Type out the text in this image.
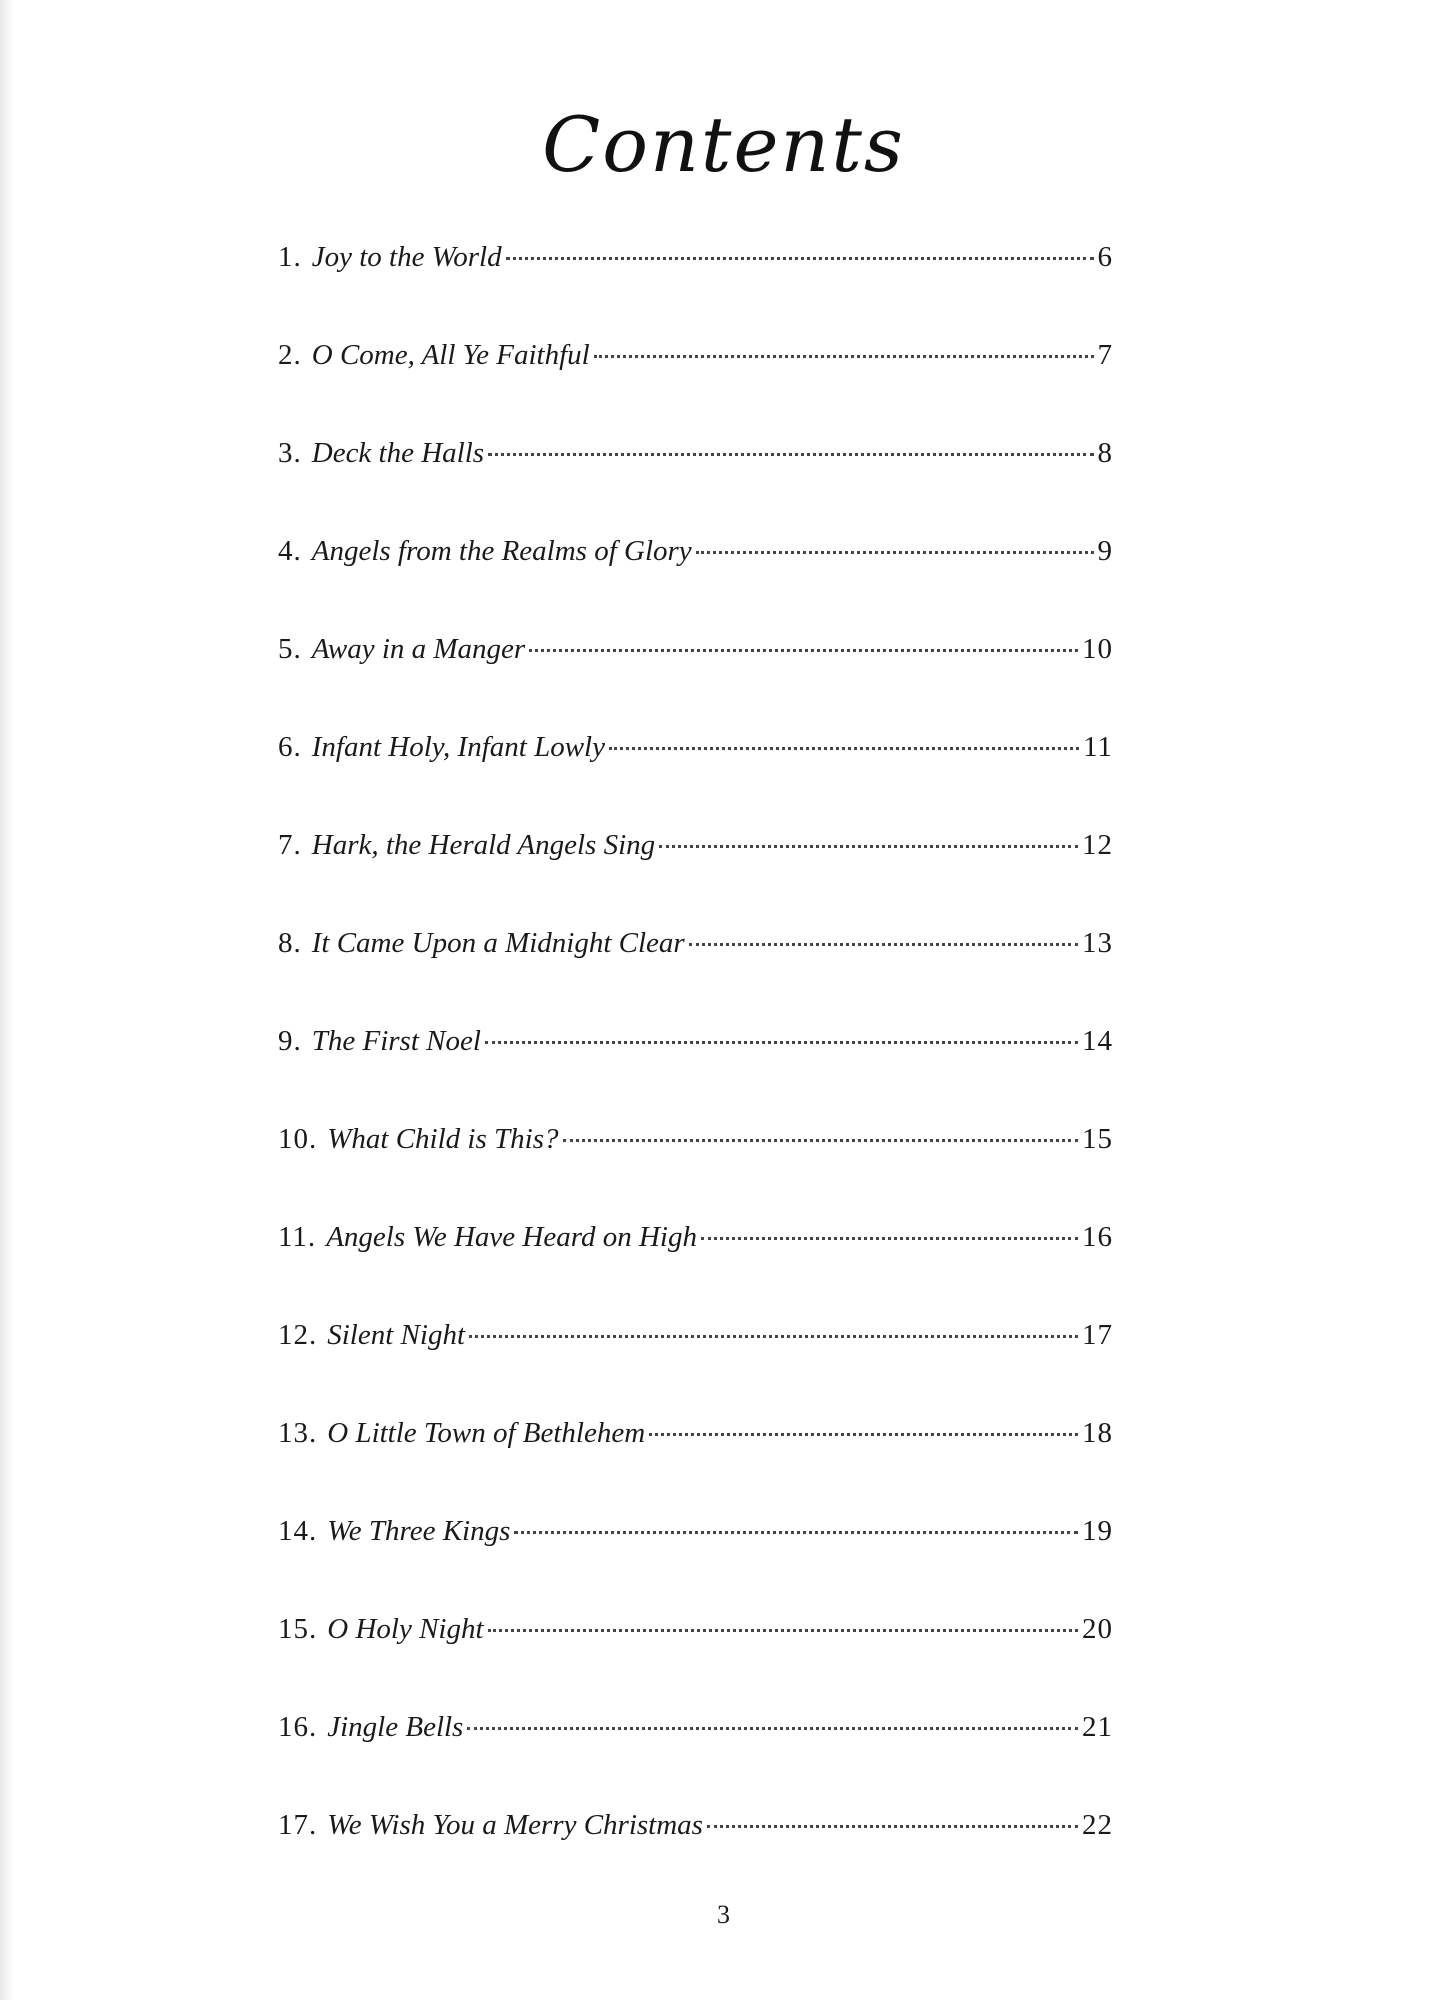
Contents
1. Joy to the World	6
2. O Come, All Ye Faithful	7
3. Deck the Halls	8
4. Angels from the Realms of Glory	9
5. Away in a Manger	10
6. Infant Holy, Infant Lowly	11
7. Hark, the Herald Angels Sing	12
8. It Came Upon a Midnight Clear	13
9. The First Noel	14
10. What Child is This?	15
11. Angels We Have Heard on High	16
12. Silent Night	17
13. O Little Town of Bethlehem	18
14. We Three Kings	19
15. O Holy Night	20
16. Jingle Bells	21
17. We Wish You a Merry Christmas	22
3
